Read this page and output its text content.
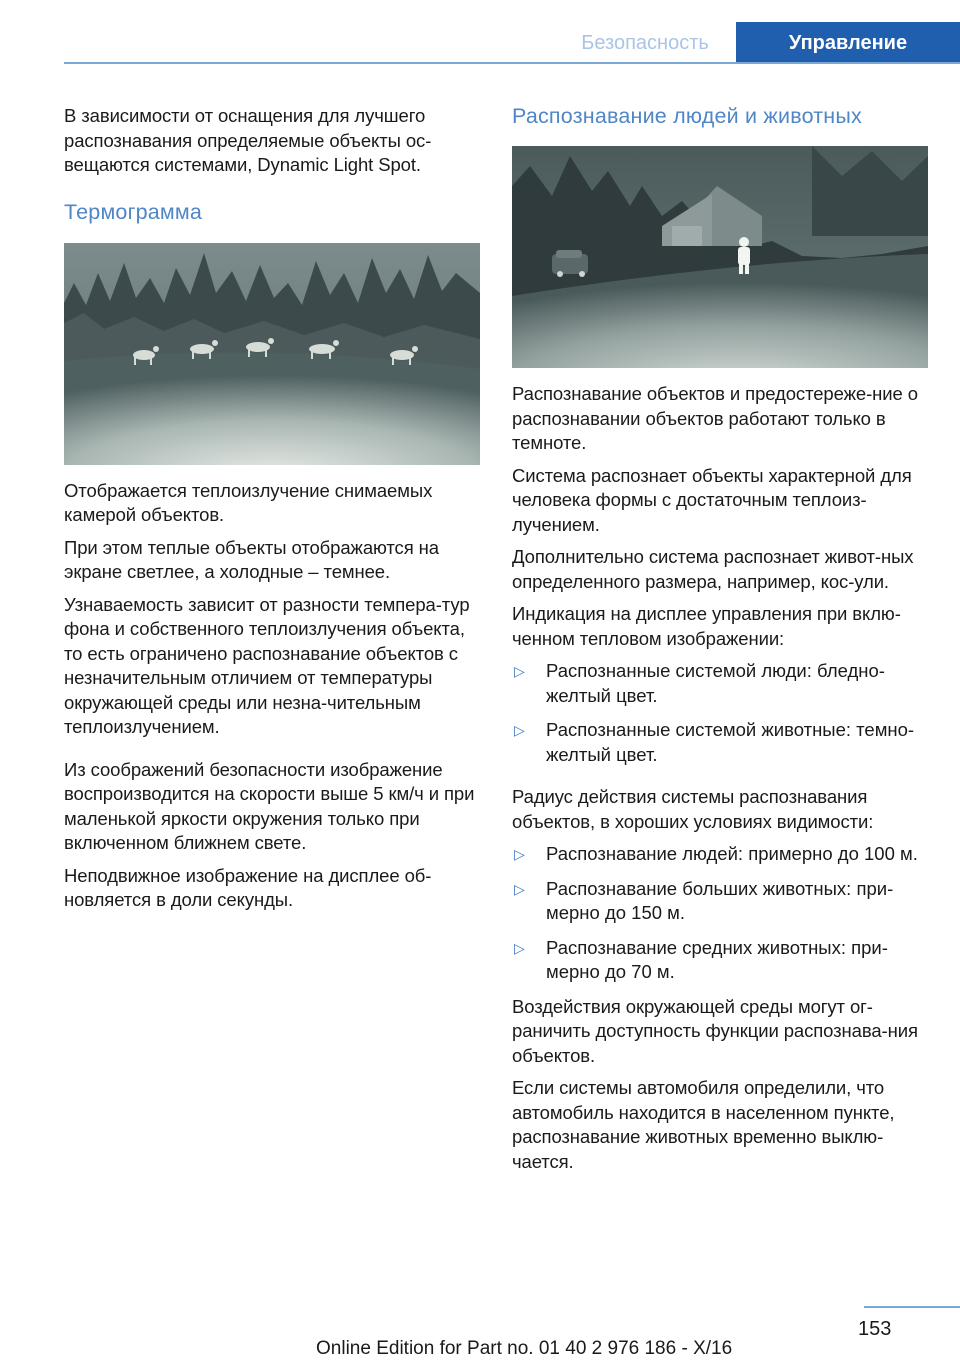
Безопасность	Управление

В зависимости от оснащения для лучшего распознавания определяемые объекты ос-вещаются системами, Dynamic Light Spot.

Термограмма

Отображается теплоизлучение снимаемых камерой объектов.

При этом теплые объекты отображаются на экране светлее, а холодные – темнее.

Узнаваемость зависит от разности темпера-тур фона и собственного теплоизлучения объекта, то есть ограничено распознавание объектов с незначительным отличием от температуры окружающей среды или незна-чительным теплоизлучением.

Из соображений безопасности изображение воспроизводится на скорости выше 5 км/ч и при маленькой яркости окружения только при включенном ближнем свете.

Неподвижное изображение на дисплее об-новляется в доли секунды.

Распознавание людей и животных

Распознавание объектов и предостереже-ние о распознавании объектов работают только в темноте.

Система распознает объекты характерной для человека формы с достаточным теплоиз-лучением.

Дополнительно система распознает живот-ных определенного размера, например, кос-ули.

Индикация на дисплее управления при вклю-ченном тепловом изображении:

▷ Распознанные системой люди: бледно-желтый цвет.
▷ Распознанные системой животные: темно-желтый цвет.

Радиус действия системы распознавания объектов, в хороших условиях видимости:

▷ Распознавание людей: примерно до 100 м.
▷ Распознавание больших животных: при-мерно до 150 м.
▷ Распознавание средних животных: при-мерно до 70 м.

Воздействия окружающей среды могут ог-раничить доступность функции распознава-ния объектов.

Если системы автомобиля определили, что автомобиль находится в населенном пункте, распознавание животных временно выклю-чается.

153
Online Edition for Part no. 01 40 2 976 186 - X/16
